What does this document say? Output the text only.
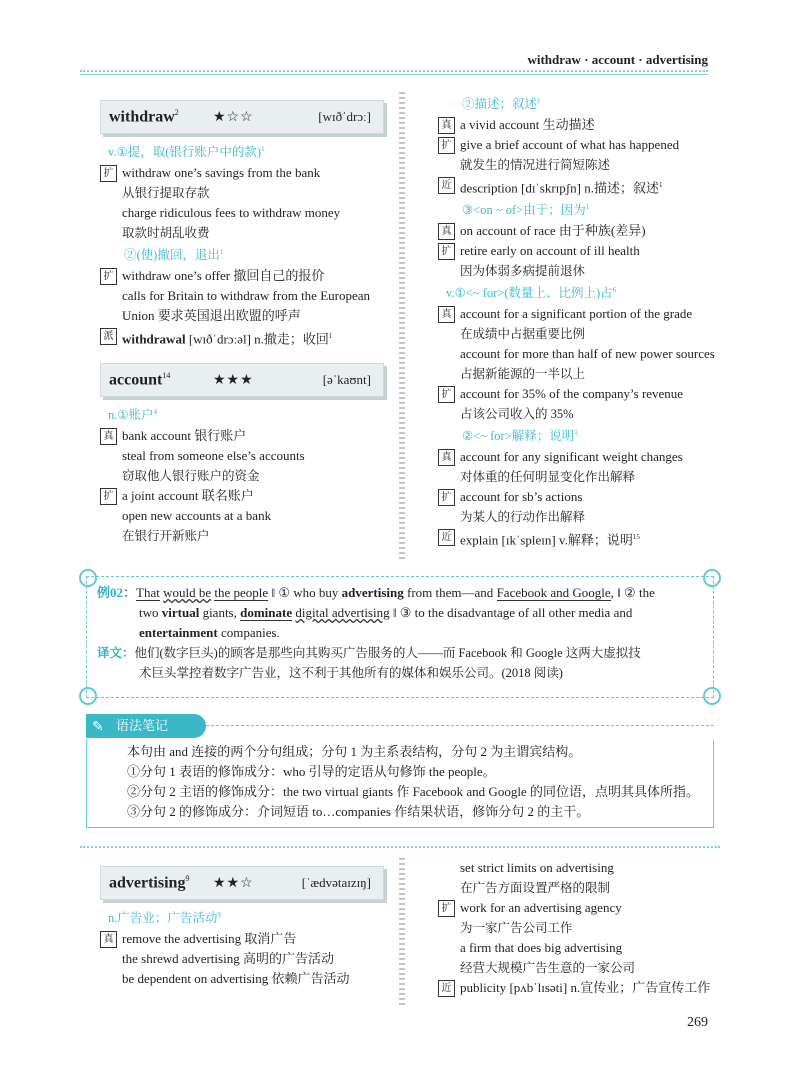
withdraw · account · advertising
withdraw$^2$ ★☆☆	[wɪðˈdrɔː]
v.①提，取(银行账户中的款)$^1$
扩 withdraw one’s savings from the bank
从银行提取存款
charge ridiculous fees to withdraw money
取款时胡乱收费
②(使)撤回，退出$^1$
扩 withdraw one’s offer 撤回自己的报价
calls for Britain to withdraw from the European
Union 要求英国退出欧盟的呼声
派 withdrawal [wɪðˈdrɔːəl] n.撤走；收回$^1$
account$^{14}$	★★★	[əˈkaʊnt]
n.①账户$^4$
真 bank account 银行账户
steal from someone else’s accounts
窃取他人银行账户的资金
扩 a joint account 联名账户
open new accounts at a bank
在银行开新账户
②描述；叙述$^1$
真 a vivid account 生动描述
扩 give a brief account of what has happened
就发生的情况进行简短陈述
近 description [dɪˈskrɪpʃn] n.描述；叙述$^1$
③<on ~ of>由于；因为$^1$
真 on account of race 由于种族(差异)
扩 retire early on account of ill health
因为体弱多病提前退休
v.①<~ for>(数量上、比例上)占$^6$
真 account for a significant portion of the grade
在成绩中占据重要比例
account for more than half of new power sources
占据新能源的一半以上
扩 account for 35% of the company’s revenue
占该公司收入的 35%
②<~ for>解释；说明$^1$
真 account for any significant weight changes
对体重的任何明显变化作出解释
扩 account for sb’s actions
为某人的行动作出解释
近 explain [ɪkˈspleɪn] v.解释；说明$^{15}$
例02：That would be the people ‖ ① who buy advertising from them—and Facebook and Google, ‖ ② the
two virtual giants, dominate digital advertising ‖ ③ to the disadvantage of all other media and
entertainment companies.
译文：他们(数字巨头)的顾客是那些向其购买广告服务的人——而 Facebook 和 Google 这两大虚拟技
术巨头掌控着数字广告业，这不利于其他所有的媒体和娱乐公司。(2018 阅读)
✎ 语法笔记
本句由 and 连接的两个分句组成；分句 1 为主系表结构，分句 2 为主谓宾结构。
①分句 1 表语的修饰成分：who 引导的定语从句修饰 the people。
②分句 2 主语的修饰成分：the two virtual giants 作 Facebook and Google 的同位语，点明其具体所指。
③分句 2 的修饰成分：介词短语 to…companies 作结果状语，修饰分句 2 的主干。
advertising$^9$ ★★☆	[ˈædvətaɪzɪŋ]
n.广告业；广告活动$^9$
真 remove the advertising 取消广告
the shrewd advertising 高明的广告活动
be dependent on advertising 依赖广告活动
set strict limits on advertising
在广告方面设置严格的限制
扩 work for an advertising agency
为一家广告公司工作
a firm that does big advertising
经营大规模广告生意的一家公司
近 publicity [pʌbˈlɪsəti] n.宣传业；广告宣传工作
269
